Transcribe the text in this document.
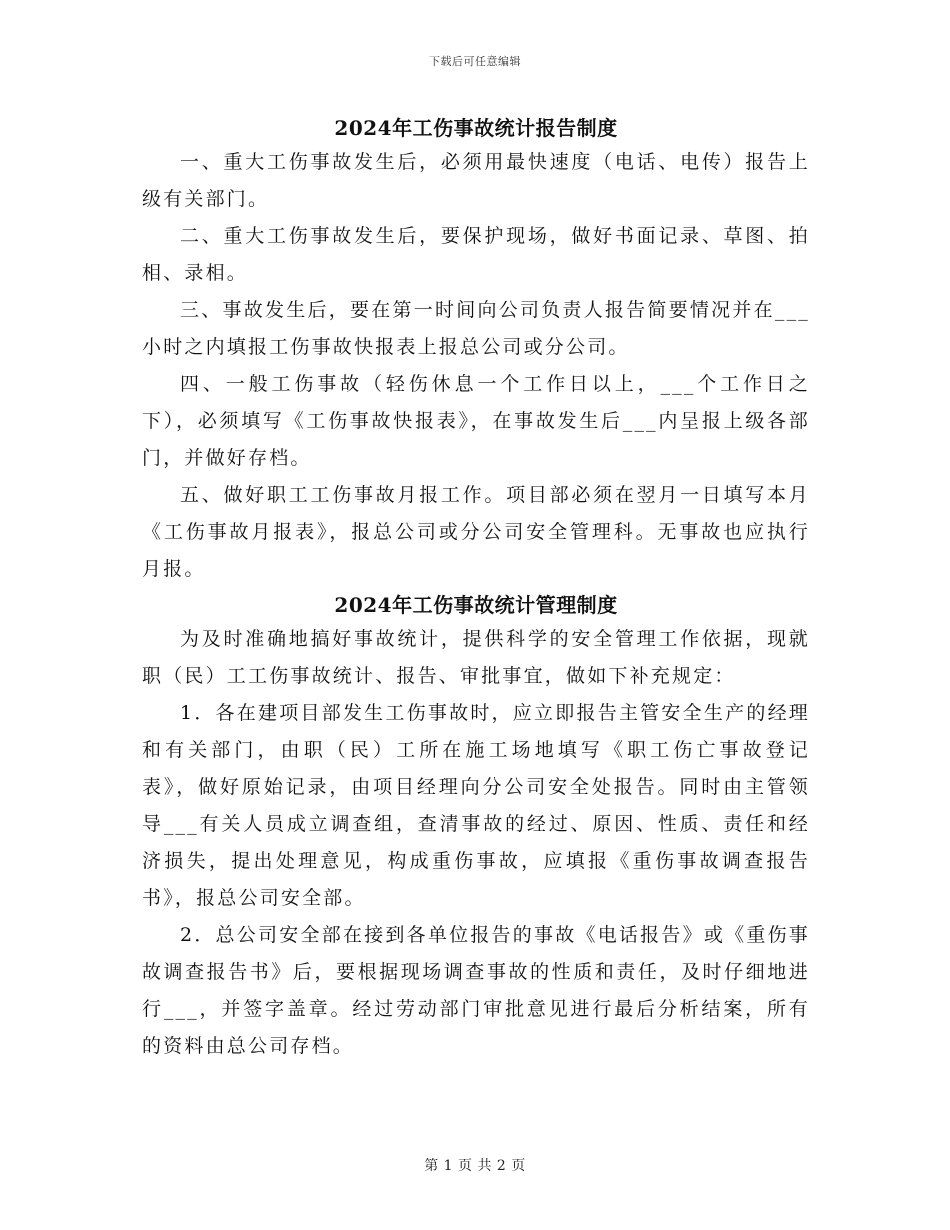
下载后可任意编辑
2024年工伤事故统计报告制度

一、重大工伤事故发生后，必须用最快速度（电话、电传）报告上级有关部门。

二、重大工伤事故发生后，要保护现场，做好书面记录、草图、拍相、录相。

三、事故发生后，要在第一时间向公司负责人报告简要情况并在___小时之内填报工伤事故快报表上报总公司或分公司。

四、一般工伤事故（轻伤休息一个工作日以上，___个工作日之下），必须填写《工伤事故快报表》，在事故发生后___内呈报上级各部门，并做好存档。

五、做好职工工伤事故月报工作。项目部必须在翌月一日填写本月《工伤事故月报表》，报总公司或分公司安全管理科。无事故也应执行月报。

2024年工伤事故统计管理制度

为及时准确地搞好事故统计，提供科学的安全管理工作依据，现就职（民）工工伤事故统计、报告、审批事宜，做如下补充规定：

1．各在建项目部发生工伤事故时，应立即报告主管安全生产的经理和有关部门，由职（民）工所在施工场地填写《职工伤亡事故登记表》，做好原始记录，由项目经理向分公司安全处报告。同时由主管领导___有关人员成立调查组，查清事故的经过、原因、性质、责任和经济损失，提出处理意见，构成重伤事故，应填报《重伤事故调查报告书》，报总公司安全部。

2．总公司安全部在接到各单位报告的事故《电话报告》或《重伤事故调查报告书》后，要根据现场调查事故的性质和责任，及时仔细地进行___，并签字盖章。经过劳动部门审批意见进行最后分析结案，所有的资料由总公司存档。

第 1 页 共 2 页
